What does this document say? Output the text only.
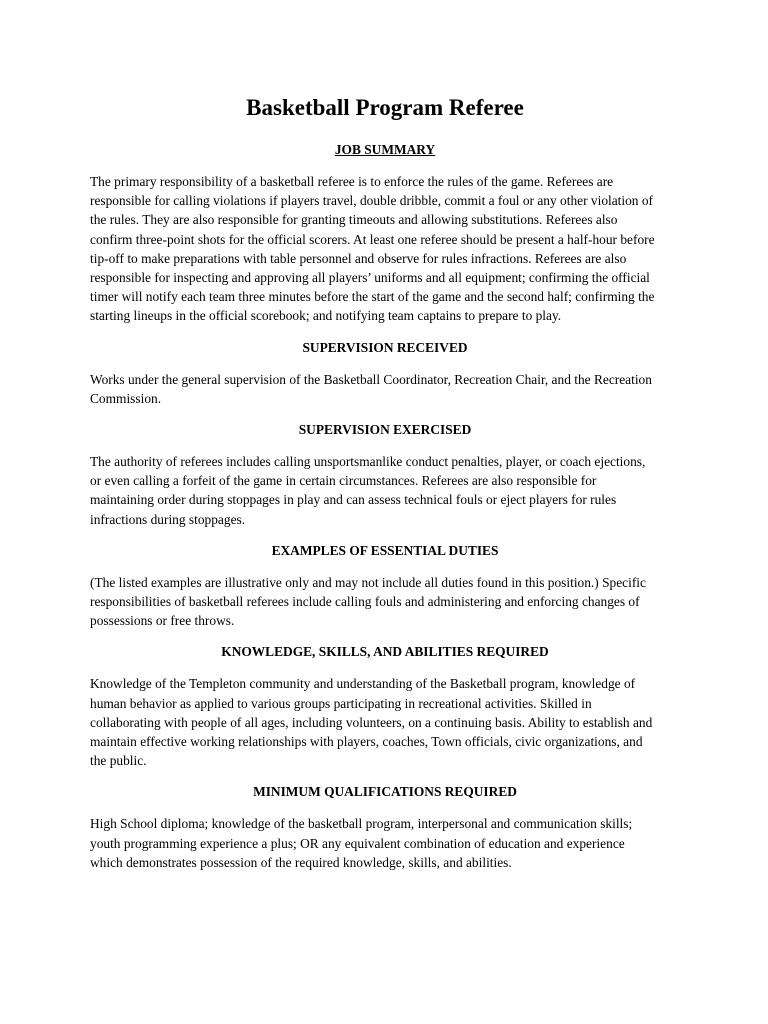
Basketball Program Referee
JOB SUMMARY

The primary responsibility of a basketball referee is to enforce the rules of the game. Referees are
responsible for calling violations if players travel, double dribble, commit a foul or any other violation of
the rules. They are also responsible for granting timeouts and allowing substitutions. Referees also
confirm three-point shots for the official scorers. At least one referee should be present a half-hour before
tip-off to make preparations with table personnel and observe for rules infractions. Referees are also
responsible for inspecting and approving all players’ uniforms and all equipment; confirming the official
timer will notify each team three minutes before the start of the game and the second half; confirming the
starting lineups in the official scorebook; and notifying team captains to prepare to play.

SUPERVISION RECEIVED

Works under the general supervision of the Basketball Coordinator, Recreation Chair, and the Recreation
Commission.

SUPERVISION EXERCISED

The authority of referees includes calling unsportsmanlike conduct penalties, player, or coach ejections,
or even calling a forfeit of the game in certain circumstances. Referees are also responsible for
maintaining order during stoppages in play and can assess technical fouls or eject players for rules
infractions during stoppages.

EXAMPLES OF ESSENTIAL DUTIES

(The listed examples are illustrative only and may not include all duties found in this position.) Specific
responsibilities of basketball referees include calling fouls and administering and enforcing changes of
possessions or free throws.

KNOWLEDGE, SKILLS, AND ABILITIES REQUIRED

Knowledge of the Templeton community and understanding of the Basketball program, knowledge of
human behavior as applied to various groups participating in recreational activities. Skilled in
collaborating with people of all ages, including volunteers, on a continuing basis. Ability to establish and
maintain effective working relationships with players, coaches, Town officials, civic organizations, and
the public.

MINIMUM QUALIFICATIONS REQUIRED

High School diploma; knowledge of the basketball program, interpersonal and communication skills;
youth programming experience a plus; OR any equivalent combination of education and experience
which demonstrates possession of the required knowledge, skills, and abilities.
